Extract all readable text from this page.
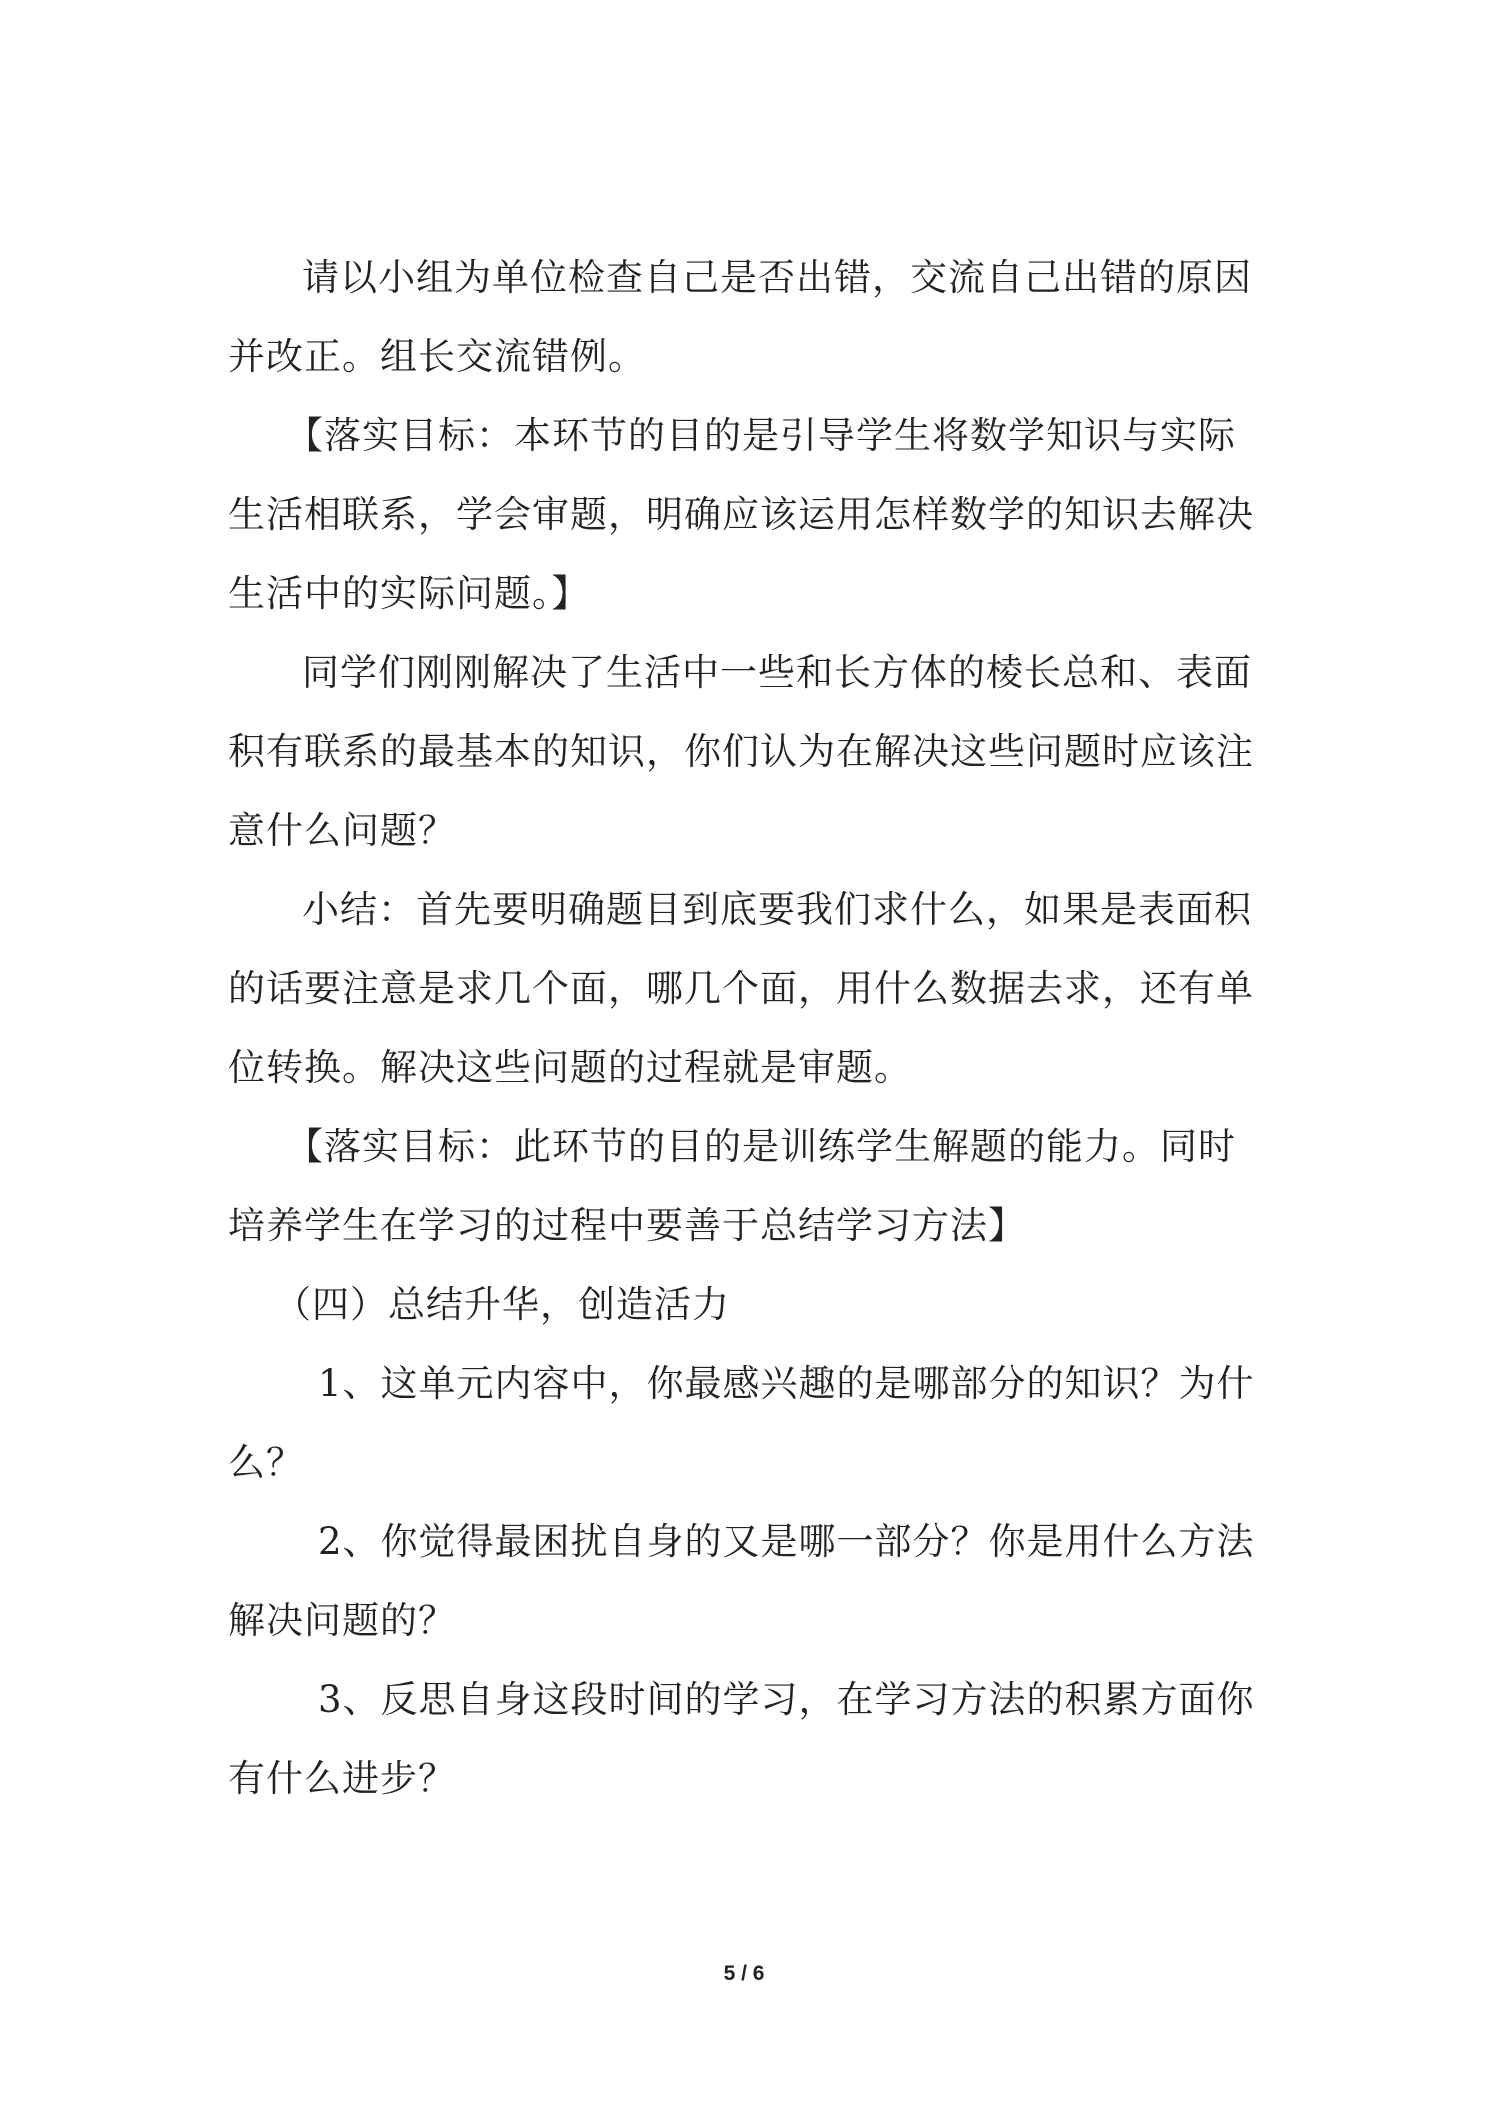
请以小组为单位检查自己是否出错，交流自己出错的原因并改正。组长交流错例。

【落实目标：本环节的目的是引导学生将数学知识与实际生活相联系，学会审题，明确应该运用怎样数学的知识去解决生活中的实际问题。】

同学们刚刚解决了生活中一些和长方体的棱长总和、表面积有联系的最基本的知识，你们认为在解决这些问题时应该注意什么问题？

小结：首先要明确题目到底要我们求什么，如果是表面积的话要注意是求几个面，哪几个面，用什么数据去求，还有单位转换。解决这些问题的过程就是审题。

【落实目标：此环节的目的是训练学生解题的能力。同时培养学生在学习的过程中要善于总结学习方法】

（四）总结升华，创造活力

1、这单元内容中，你最感兴趣的是哪部分的知识？为什么？

2、你觉得最困扰自身的又是哪一部分？你是用什么方法解决问题的？

3、反思自身这段时间的学习，在学习方法的积累方面你有什么进步？

5 / 6
